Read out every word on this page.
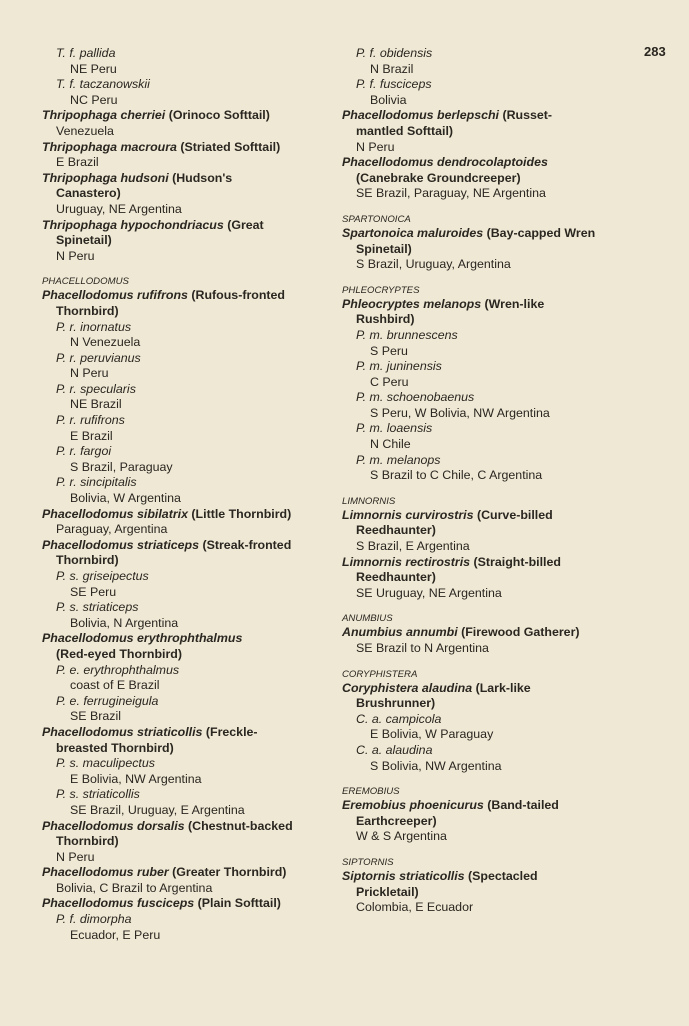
283
T. f. pallida
NE Peru
T. f. taczanowskii
NC Peru
Thripophaga cherriei (Orinoco Softtail)
Venezuela
Thripophaga macroura (Striated Softtail)
E Brazil
Thripophaga hudsoni (Hudson's
Canastero)
Uruguay, NE Argentina
Thripophaga hypochondriacus (Great
Spinetail)
N Peru
PHACELLODOMUS
Phacellodomus rufifrons (Rufous-fronted
Thornbird)
P. r. inornatus
N Venezuela
P. r. peruvianus
N Peru
P. r. specularis
NE Brazil
P. r. rufifrons
E Brazil
P. r. fargoi
S Brazil, Paraguay
P. r. sincipitalis
Bolivia, W Argentina
Phacellodomus sibilatrix (Little Thornbird)
Paraguay, Argentina
Phacellodomus striaticeps (Streak-fronted
Thornbird)
P. s. griseipectus
SE Peru
P. s. striaticeps
Bolivia, N Argentina
Phacellodomus erythrophthalmus
(Red-eyed Thornbird)
P. e. erythrophthalmus
coast of E Brazil
P. e. ferrugineigula
SE Brazil
Phacellodomus striaticollis (Freckle-
breasted Thornbird)
P. s. maculipectus
E Bolivia, NW Argentina
P. s. striaticollis
SE Brazil, Uruguay, E Argentina
Phacellodomus dorsalis (Chestnut-backed
Thornbird)
N Peru
Phacellodomus ruber (Greater Thornbird)
Bolivia, C Brazil to Argentina
Phacellodomus fusciceps (Plain Softtail)
P. f. dimorpha
Ecuador, E Peru
P. f. obidensis
N Brazil
P. f. fusciceps
Bolivia
Phacellodomus berlepschi (Russet-
mantled Softtail)
N Peru
Phacellodomus dendrocolaptoides
(Canebrake Groundcreeper)
SE Brazil, Paraguay, NE Argentina
SPARTONOICA
Spartonoica maluroides (Bay-capped Wren
Spinetail)
S Brazil, Uruguay, Argentina
PHLEOCRYPTES
Phleocryptes melanops (Wren-like
Rushbird)
P. m. brunnescens
S Peru
P. m. juninensis
C Peru
P. m. schoenobaenus
S Peru, W Bolivia, NW Argentina
P. m. loaensis
N Chile
P. m. melanops
S Brazil to C Chile, C Argentina
LIMNORNIS
Limnornis curvirostris (Curve-billed
Reedhaunter)
S Brazil, E Argentina
Limnornis rectirostris (Straight-billed
Reedhaunter)
SE Uruguay, NE Argentina
ANUMBIUS
Anumbius annumbi (Firewood Gatherer)
SE Brazil to N Argentina
CORYPHISTERA
Coryphistera alaudina (Lark-like
Brushrunner)
C. a. campicola
E Bolivia, W Paraguay
C. a. alaudina
S Bolivia, NW Argentina
EREMOBIUS
Eremobius phoenicurus (Band-tailed
Earthcreeper)
W & S Argentina
SIPTORNIS
Siptornis striaticollis (Spectacled
Prickletail)
Colombia, E Ecuador
